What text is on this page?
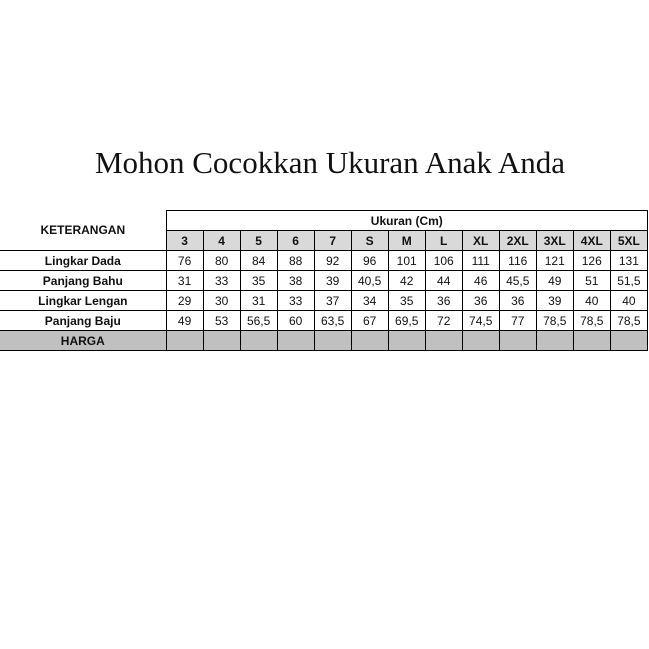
Mohon Cocokkan Ukuran Anak Anda
KETERANGAN	Ukuran (Cm)												
	3	4	5	6	7	S	M	L	XL	2XL	3XL	4XL	5XL
Lingkar Dada	76	80	84	88	92	96	101	106	111	116	121	126	131
Panjang Bahu	31	33	35	38	39	40,5	42	44	46	45,5	49	51	51,5
Lingkar Lengan	29	30	31	33	37	34	35	36	36	36	39	40	40
Panjang Baju	49	53	56,5	60	63,5	67	69,5	72	74,5	77	78,5	78,5	78,5
HARGA													
